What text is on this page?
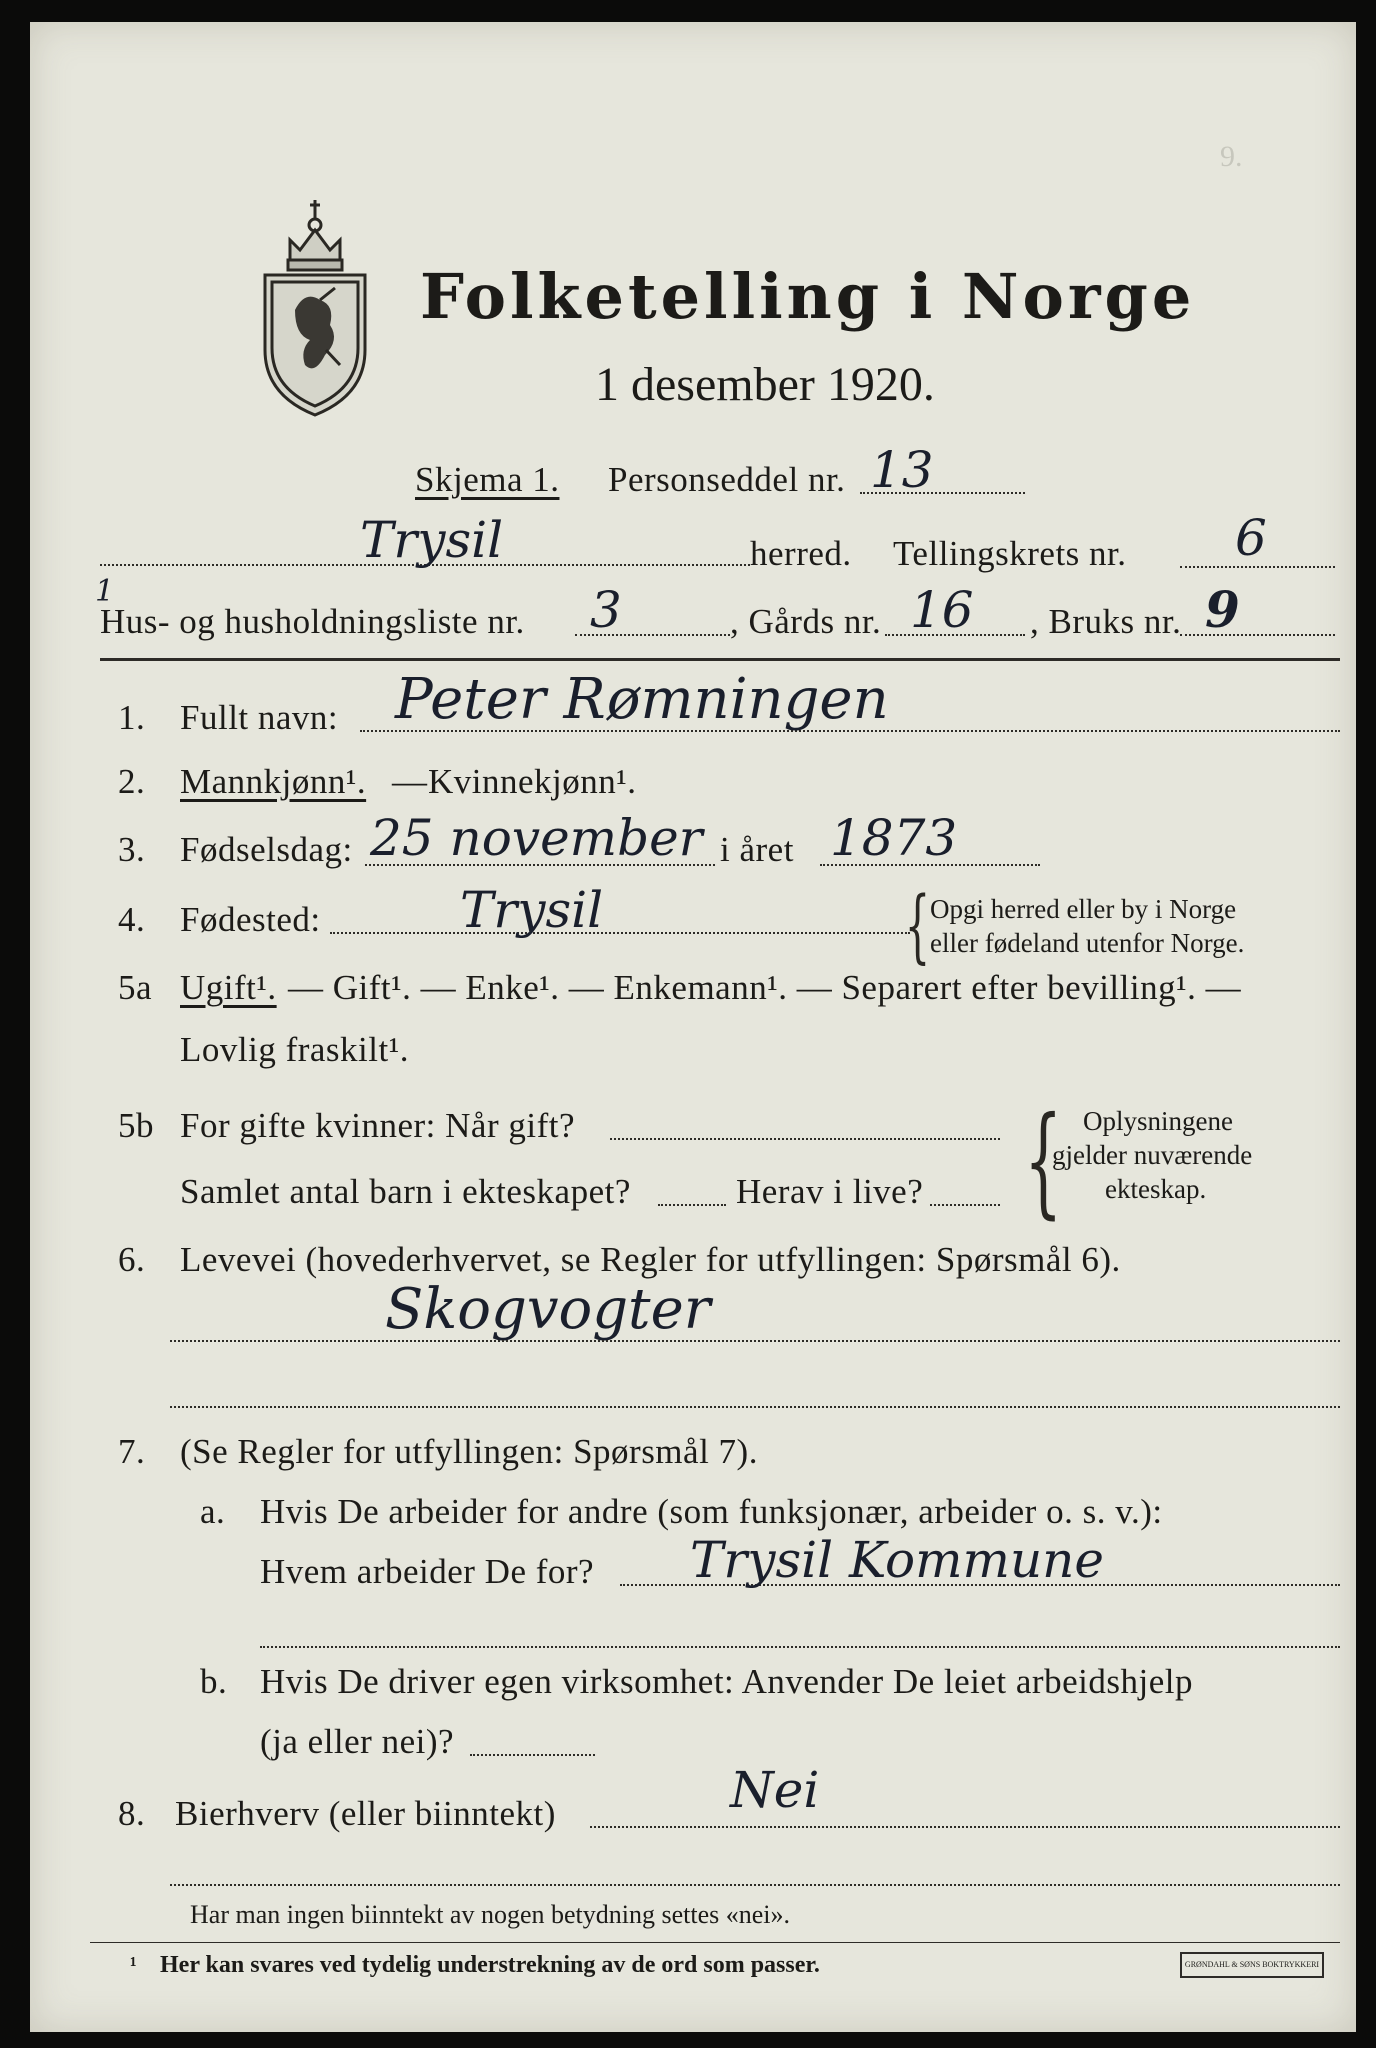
Folketelling i Norge
1 desember 1920.
9.
Skjema 1. Personseddel nr. 13
1
Trysil	herred. Tellingskrets nr. 6
Hus- og husholdningsliste nr. 3	, Gårds nr. 16 , Bruks nr. 9
1. Fullt navn: Peter Rømningen
2. Mannkjønn¹. — Kvinnekjønn¹.
3. Fødselsdag: 25 november i året 1873
4. Fødested:	Trysil	{ Opgi herred eller by i Norge
eller fødeland utenfor Norge.
5a Ugift¹. — Gift¹. — Enke¹. — Enkemann¹. — Separert efter bevilling¹. —
Lovlig fraskilt¹.
5b For gifte kvinner: Når gift?
Samlet antal barn i ekteskapet?	Herav i live? { Oplysningene
gjelder nuværende
ekteskap.
6. Levevei (hovederhvervet, se Regler for utfyllingen: Spørsmål 6).
Skogvogter
7. (Se Regler for utfyllingen: Spørsmål 7).
a. Hvis De arbeider for andre (som funksjonær, arbeider o. s. v.):
Hvem arbeider De for? Trysil Kommune
b. Hvis De driver egen virksomhet: Anvender De leiet arbeidshjelp
(ja eller nei)?
8. Bierhverv (eller biinntekt)	Nei
Har man ingen biinntekt av nogen betydning settes «nei».
¹ Her kan svares ved tydelig understrekning av de ord som passer.	GRØNDAHL & SØNS BOKTRYKKERI
